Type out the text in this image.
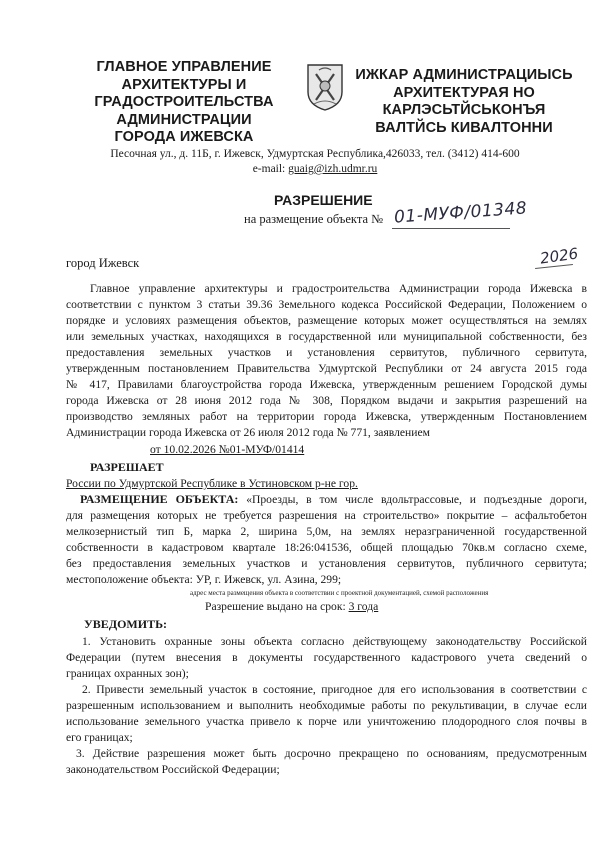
ГЛАВНОЕ УПРАВЛЕНИЕ
АРХИТЕКТУРЫ И
ГРАДОСТРОИТЕЛЬСТВА
АДМИНИСТРАЦИИ
ГОРОДА ИЖЕВСКА
ИЖКАР АДМИНИСТРАЦИЫСЬ
АРХИТЕКТУРАЯ НО
КАРЛЭСЬТЙСЬКОНЪЯ
ВАЛТЙСЬ КИВАЛТОННИ
Песочная ул., д. 11Б, г. Ижевск, Удмуртская Республика,426033, тел. (3412) 414-600
e-mail: guaig@izh.udmr.ru
РАЗРЕШЕНИЕ
на размещение объекта № 01-МУФ/01348
город Ижевск	2026
Главное управление архитектуры и градостроительства Администрации города Ижевска в
соответствии с пунктом 3 статьи 39.36 Земельного кодекса Российской Федерации, Положением о
порядке и условиях размещения объектов, размещение которых может осуществляться на землях
или земельных участках, находящихся в государственной или муниципальной собственности, без
предоставления земельных участков и установления сервитутов, публичного сервитута,
утвержденным постановлением Правительства Удмуртской Республики от 24 августа 2015 года
№ 417, Правилами благоустройства города Ижевска, утвержденным решением Городской думы
города Ижевска от 28 июня 2012 года № 308, Порядком выдачи и закрытия разрешений на
производство земляных работ на территории города Ижевска, утвержденным Постановлением
Администрации города Ижевска от 26 июля 2012 года № 771, заявлением
от 10.02.2026 №01-МУФ/01414
РАЗРЕШАЕТ
России по Удмуртской Республике в Устиновском р-не гор.
РАЗМЕЩЕНИЕ ОБЪЕКТА: «Проезды, в том числе вдольтрассовые, и подъездные дороги,
для размещения которых не требуется разрешения на строительство» покрытие – асфальтобетон
мелкозернистый тип Б, марка 2, ширина 5,0м, на землях неразграниченной государственной
собственности в кадастровом квартале 18:26:041536, общей площадью 70кв.м согласно схеме,
без предоставления земельных участков и установления сервитутов, публичного сервитута;
местоположение объекта: УР, г. Ижевск, ул. Азина, 299;
адрес места размещения объекта в соответствии с проектной документацией, схемой расположения
Разрешение выдано на срок: 3 года
УВЕДОМИТЬ:
1. Установить охранные зоны объекта согласно действующему законодательству Российской
Федерации (путем внесения в документы государственного кадастрового учета сведений о
границах охранных зон);
2. Привести земельный участок в состояние, пригодное для его использования в соответствии с
разрешенным использованием и выполнить необходимые работы по рекультивации, в случае если
использование земельного участка привело к порче или уничтожению плодородного слоя почвы в
его границах;
3. Действие разрешения может быть досрочно прекращено по основаниям, предусмотренным
законодательством Российской Федерации;
